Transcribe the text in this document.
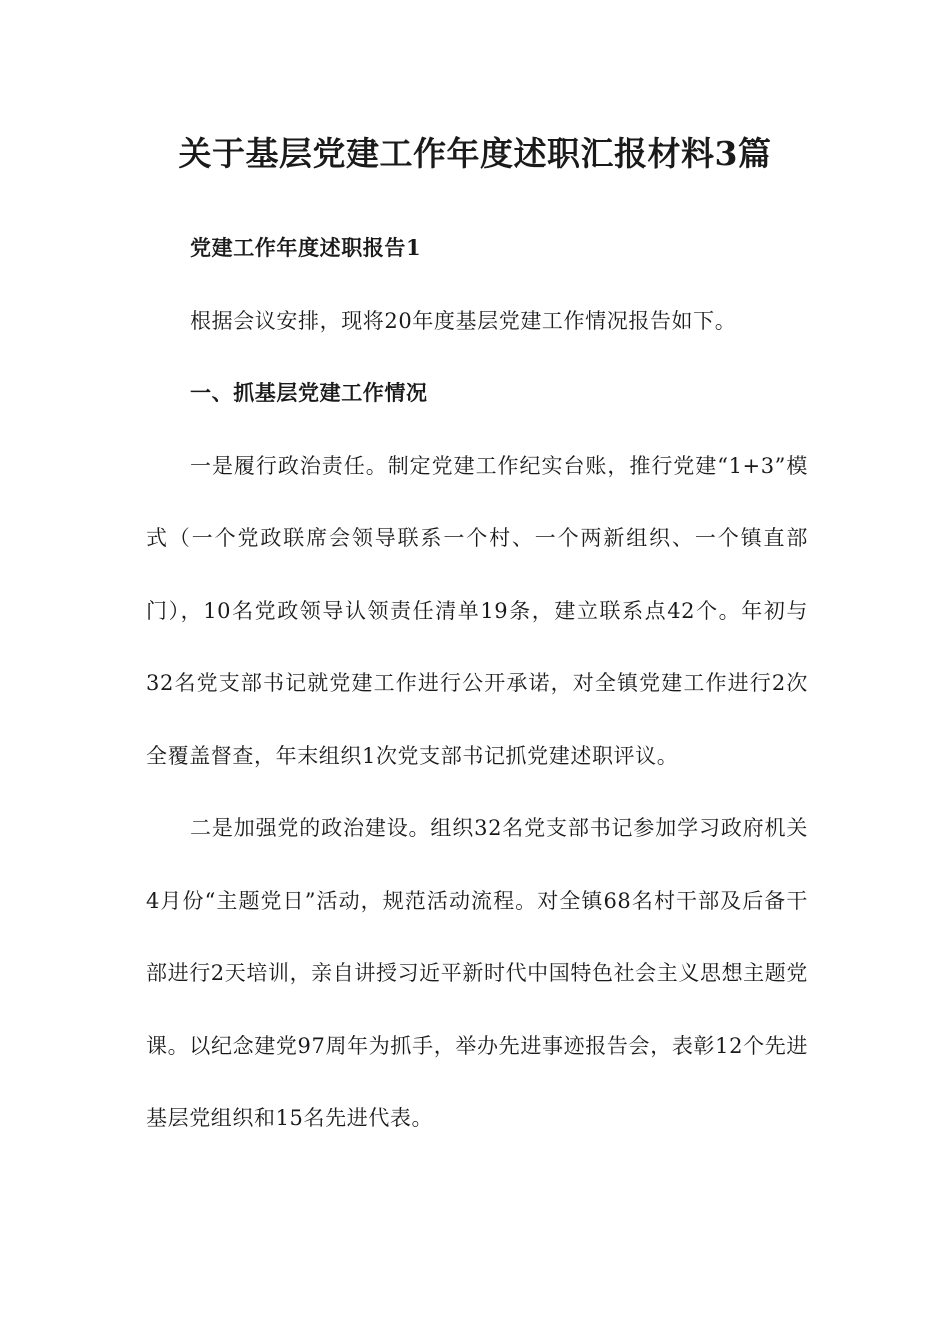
关于基层党建工作年度述职汇报材料3篇

党建工作年度述职报告1

根据会议安排，现将20年度基层党建工作情况报告如下。

一、抓基层党建工作情况

一是履行政治责任。制定党建工作纪实台账，推行党建“1+3”模式（一个党政联席会领导联系一个村、一个两新组织、一个镇直部门），10名党政领导认领责任清单19条，建立联系点42个。年初与32名党支部书记就党建工作进行公开承诺，对全镇党建工作进行2次全覆盖督查，年末组织1次党支部书记抓党建述职评议。

二是加强党的政治建设。组织32名党支部书记参加学习政府机关4月份“主题党日”活动，规范活动流程。对全镇68名村干部及后备干部进行2天培训，亲自讲授习近平新时代中国特色社会主义思想主题党课。以纪念建党97周年为抓手，举办先进事迹报告会，表彰12个先进基层党组织和15名先进代表。
